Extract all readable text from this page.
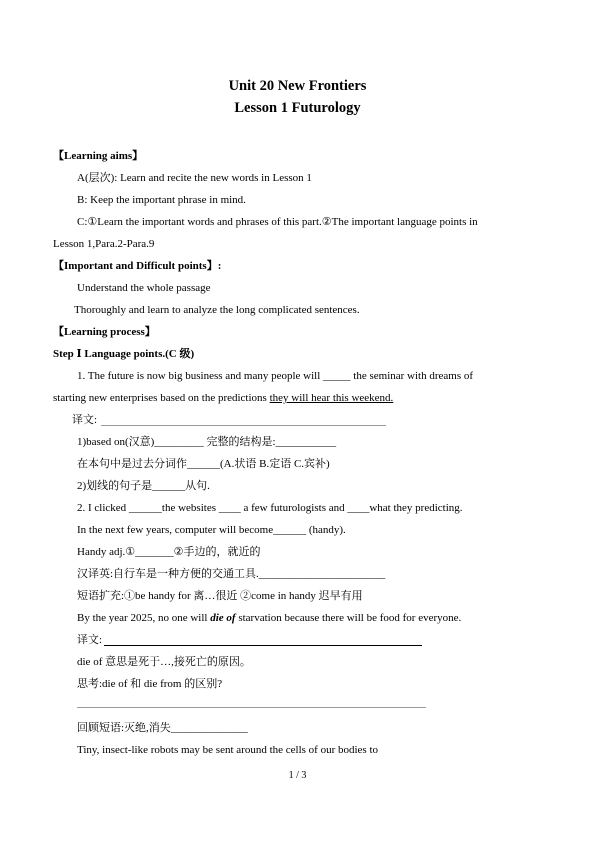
Unit 20 New Frontiers
Lesson 1 Futurology
【Learning aims】
A(层次): Learn and recite the new words in Lesson 1
B: Keep the important phrase in mind.
C:①Learn the important words and phrases of this part.②The important language points in
Lesson 1,Para.2-Para.9
【Important and Difficult points】:
Understand the whole passage
Thoroughly and learn to analyze the long complicated sentences.
【Learning process】
Step Ⅰ Language points.(C 级)
1. The future is now big business and many people will _____ the seminar with dreams of
starting new enterprises based on the predictions they will hear this weekend.
译文:
1)based on(汉意)_________ 完整的结构是:___________
在本句中是过去分词作______(A.状语 B.定语 C.宾补)
2)划线的句子是______从句.
2. I clicked ______the websites ____ a few futurologists and ____what they predicting.
In the next few years, computer will become______ (handy).
Handy adj.①_______②手边的，就近的
汉译英:自行车是一种方便的交通工具._______________________
短语扩充:①be handy for 离…很近 ②come in handy 迟早有用
By the year 2025, no one will die of starvation because there will be food for everyone.
译文:
die of 意思是死于…,接死亡的原因。
思考:die of 和 die from 的区别?
回顾短语:灭绝,消失______________
Tiny, insect-like robots may be sent around the cells of our bodies to
1 / 3
